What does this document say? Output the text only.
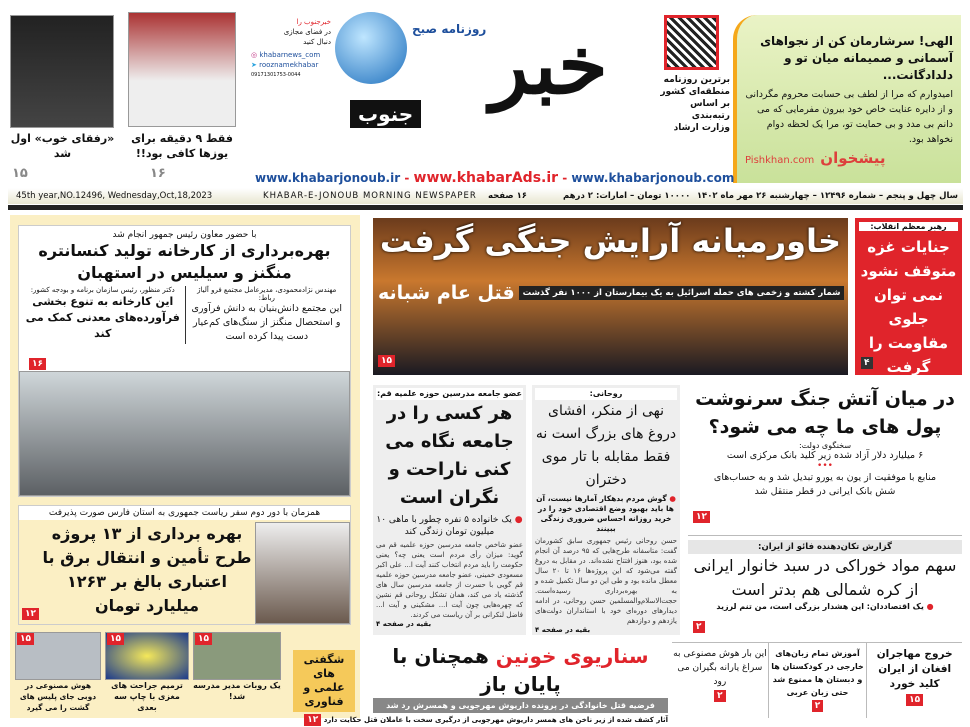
«رفقای خوب» اول شد
۱۵
فقط ۹ دقیقه برای یوزها کافی بود!!
۱۶
خبرجنوب را
در فضای مجازی
دنبال کنید
◎ khabarnews_com
➤ rooznamekhabar
09171301753-0044
روزنامه صبح خبر
جنوب
برترین روزنامه
منطقه‌ای کشور
بر اساس
رتبه‌بندی
وزارت ارشاد
الهی! سرشارمان کن از نجواهای آسمانی و صمیمانه میان تو و دلدادگانت...
امیدوارم که مرا از لطف بی حسابت محروم مگردانی و از دایره عنایت خاص خود بیرون مفرمایی که می دانم بی مدد و بی حمایت تو، مرا یک لحظه دوام نخواهد بود.
Pishkhan.com پیشخوان
www.khabarjonoub.ir - www.khabarAds.ir - www.khabarjonoub.com
45th year,NO.12496, Wednesday,Oct,18,2023	KHABAR-E-JONOUB MORNING NEWSPAPER ۱۶ صفحه	۱۰۰۰۰ تومان – امارات: ۲ درهم سال چهل و پنجم – شماره ۱۲۴۹۶ – چهارشنبه ۲۶ مهر ماه ۱۴۰۲
با حضور معاون رئیس جمهور انجام شد
بهره‌برداری از کارخانه تولید کنسانتره منگنز و سیلیس در استهبان
مهندس نژادمحمودی، مدیرعامل مجتمع فرو آلیاژ رباط:
این مجتمع دانش‌بنیان به دانش فرآوری و استحصال منگنز از سنگ‌های کم‌عیار دست پیدا کرده است
دکتر منظور، رئیس سازمان برنامه و بودجه کشور:
این کارخانه به تنوع بخشی فرآورده‌های معدنی کمک می کند
۱۶
همزمان با دور دوم سفر ریاست جمهوری به استان فارس صورت پذیرفت
بهره برداری از ۱۳ پروژه طرح تأمین و انتقال برق با اعتباری بالغ بر ۱۲۶۳ میلیارد تومان
۱۲
شگفتی های علمی و فناوری
۱۵
یک روبات مدیر مدرسه شد!
۱۵
ترمیم جراحت های مغزی با چاپ سه بعدی
۱۵
هوش مصنوعی در دوبی جای پلیس های گشت را می گیرد
خاورمیانه آرایش جنگی گرفت
شمار کشته و زخمی های حمله اسرائیل به یک بیمارستان از ۱۰۰۰ نفر گذشت
قتل عام شبانه
۱۵
رهبر معظم انقلاب:
جنایات غزه متوقف نشود نمی توان جلوی مقاومت را گرفت
۴
عضو جامعه مدرسین حوزه علمیه قم:
هر کسی را در جامعه نگاه می کنی ناراحت و نگران است
● یک خانواده ۵ نفره چطور با ماهی ۱۰ میلیون تومان زندگی کند
عضو شاخص جامعه مدرسین حوزه علمیه قم می گوید: میزان رأی مردم است یعنی چه؟ یعنی حکومت را باید مردم انتخاب کنند آیت ا... علی اکبر مسعودی خمینی، عضو جامعه مدرسین حوزه علمیه قم گویی با حسرت از جامعه مدرسین سال های گذشته یاد می کند، همان تشکل روحانی قم نشین که چهره‌هایی چون آیت ا... مشکینی و آیت ا... فاضل لنکرانی بر آن ریاست می کردند.
بقیه در صفحه ۴
روحانی:
نهی از منکر، افشای دروغ های بزرگ است نه فقط مقابله با تار موی دختران
● گوش مردم بدهکار آمارها نیست، آن ها باید بهبود وضع اقتصادی خود را در خرید روزانه احساس ضروری زندگی ببینند
حسن روحانی رئیس جمهوری سابق کشورمان گفت: متاسفانه طرح‌هایی که ۹۵ درصد آن انجام شده بود، هنوز افتتاح نشده‌اند. در مقابل به دروغ گفته می‌شود که این پروژه‌ها ۱۶ تا ۲۰ سال معطل مانده بود و طی این دو سال تکمیل شده و به بهره‌برداری رسیده‌است. حجت‌الاسلام‌والمسلمین حسن روحانی، در ادامه دیدارهای دوره‌ای خود با استانداران دولت‌های یازدهم و دوازدهم
بقیه در صفحه ۴
در میان آتش جنگ سرنوشت پول های ما چه می شود؟
سخنگوی دولت:
۶ میلیارد دلار آزاد شده زیر کلید بانک مرکزی است
•••
منابع با موفقیت از یون به یورو تبدیل شد و به حساب‌های شش بانک ایرانی در قطر منتقل شد
۱۲
گزارش تکان‌دهنده فائو از ایران:
سهم مواد خوراکی در سبد خانوار ایرانی از کره شمالی هم بدتر است
● یک اقتصاددان: این هشدار بزرگی است، من تنم لرزید
۲
سناریوی خونین همچنان با پایان باز
فرضیه قتل خانوادگی در پرونده داریوش مهرجویی و همسرش رد شد
آثار کشف شده از زیر ناخن های همسر داریوش مهرجویی از درگیری سخت با عاملان قتل حکایت دارد ۱۲
خروج مهاجران افغان از ایران کلید خورد
۱۵
آموزش تمام زبان‌های خارجی در کودکستان ها و دبستان ها ممنوع شد حتی زبان عربی
۲
این بار هوش مصنوعی به سراغ یارانه بگیران می رود
۲
